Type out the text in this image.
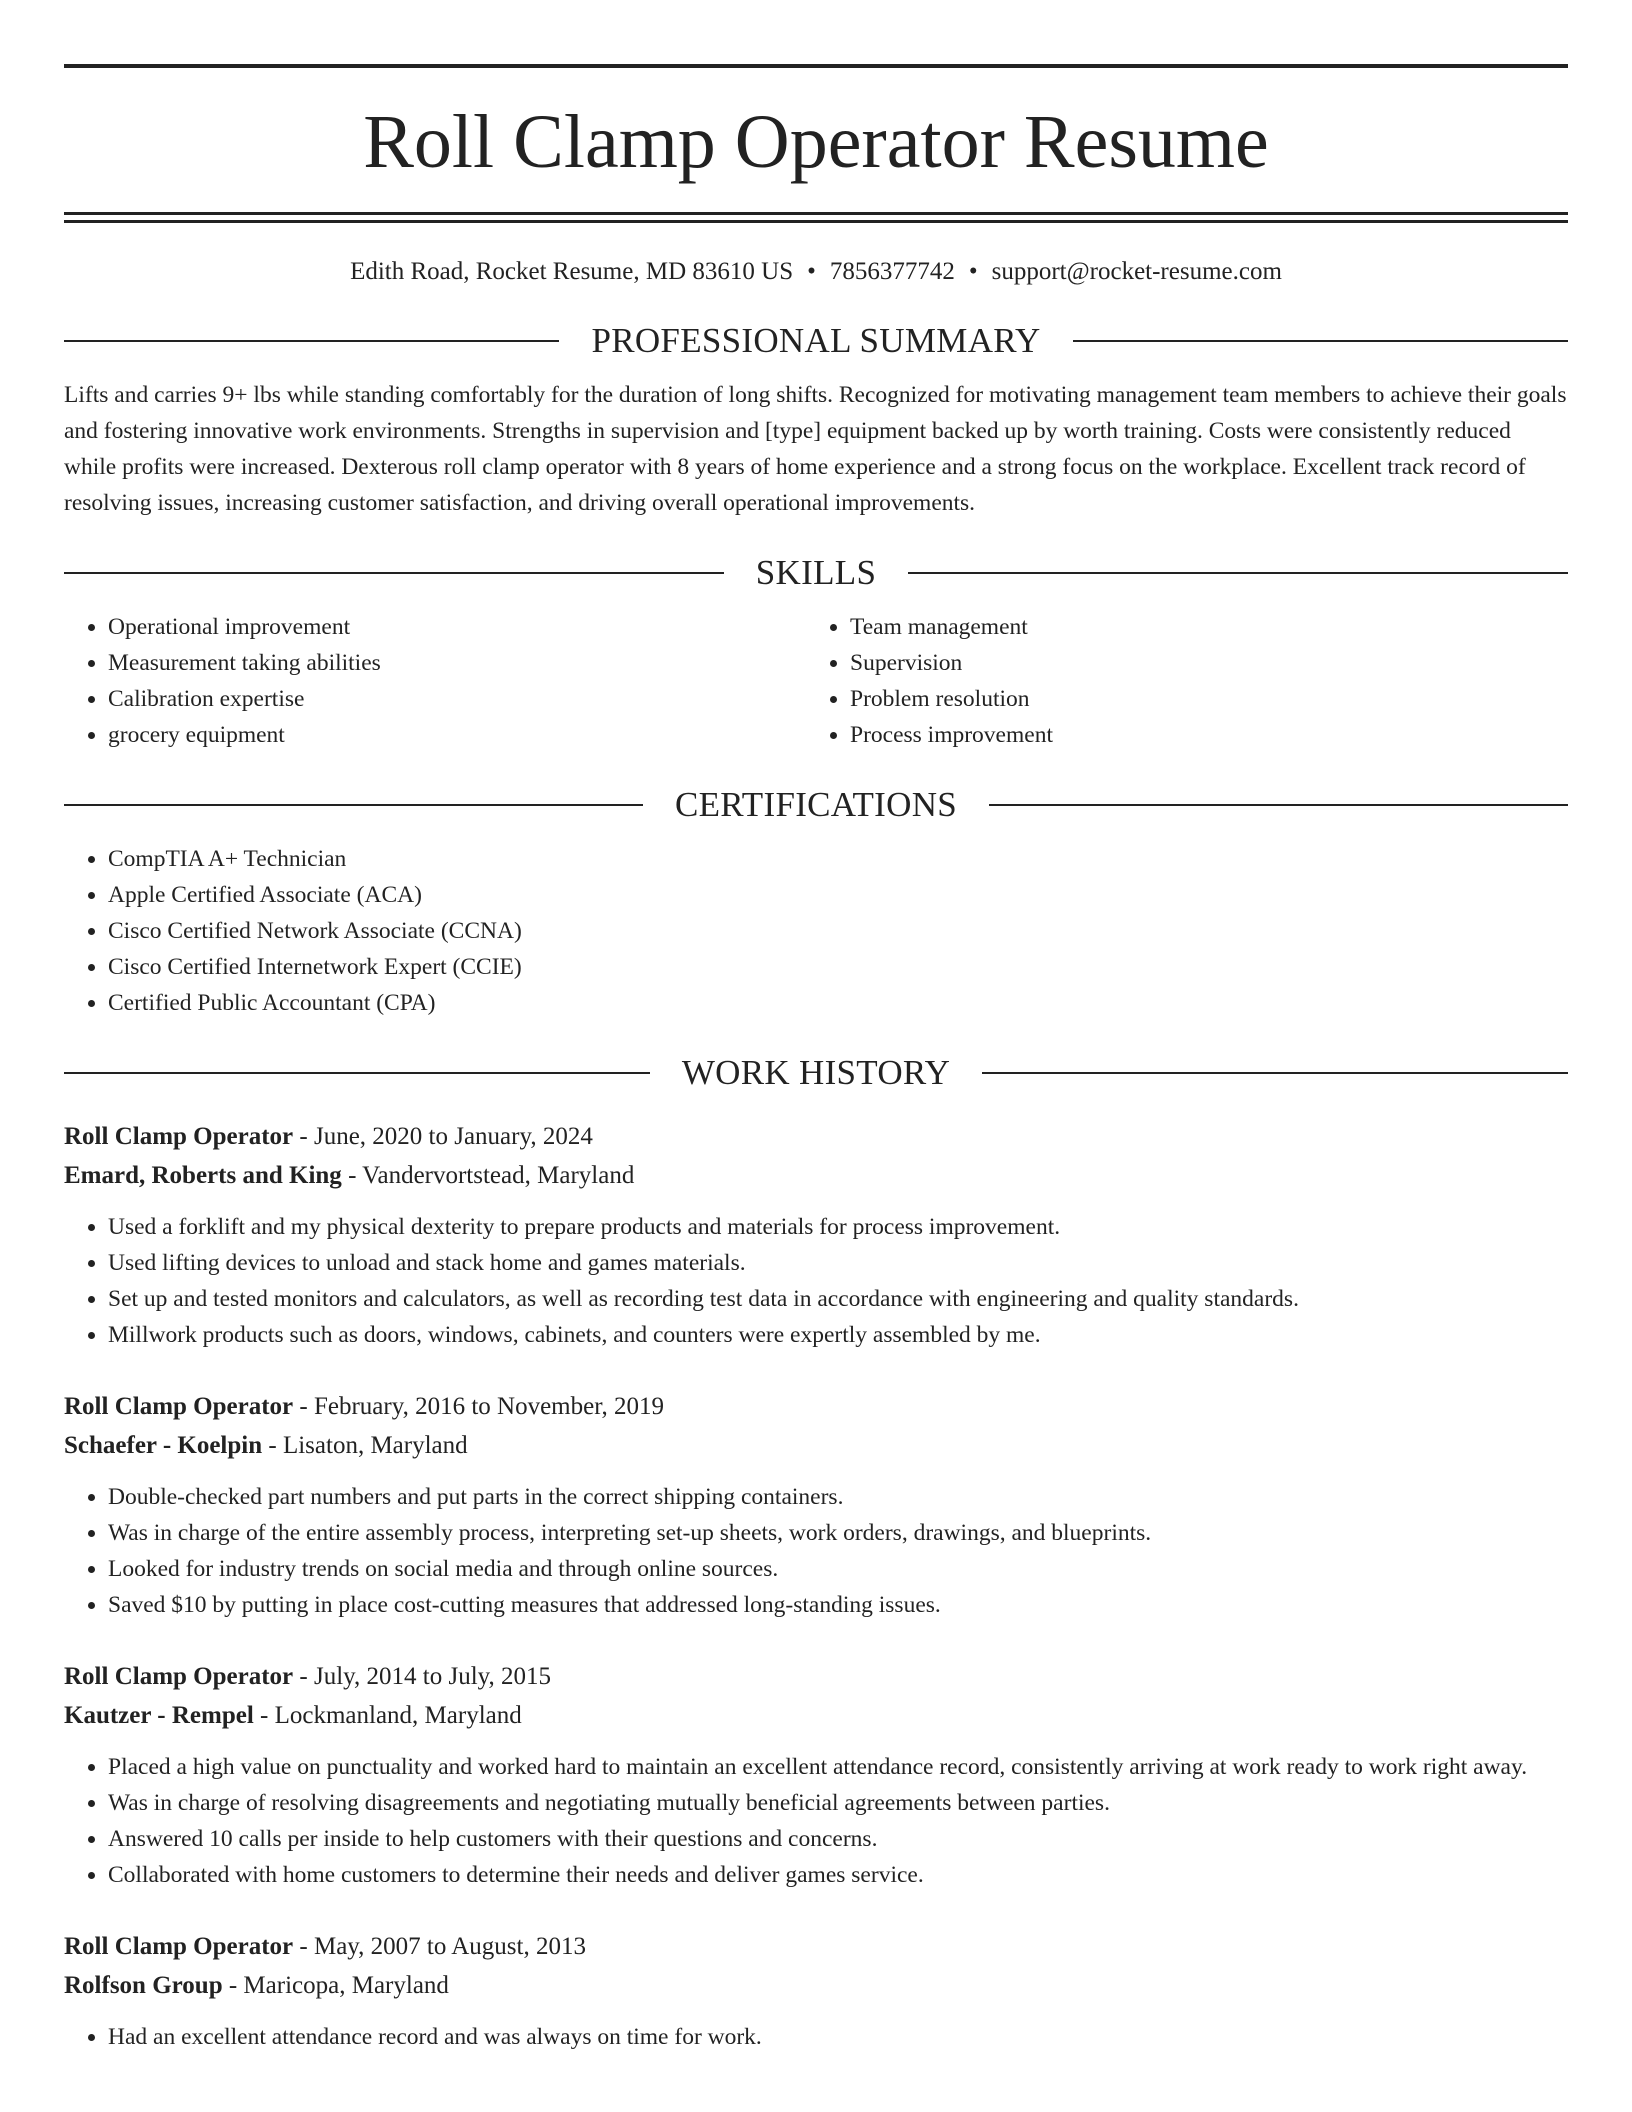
Roll Clamp Operator Resume
Edith Road, Rocket Resume, MD 83610 US • 7856377742 • support@rocket-resume.com
PROFESSIONAL SUMMARY

Lifts and carries 9+ lbs while standing comfortably for the duration of long shifts. Recognized for motivating management team members to achieve their goals and fostering innovative work environments. Strengths in supervision and [type] equipment backed up by worth training. Costs were consistently reduced while profits were increased. Dexterous roll clamp operator with 8 years of home experience and a strong focus on the workplace. Excellent track record of resolving issues, increasing customer satisfaction, and driving overall operational improvements.

SKILLS
• Operational improvement
• Measurement taking abilities
• Calibration expertise
• grocery equipment
• Team management
• Supervision
• Problem resolution
• Process improvement
CERTIFICATIONS
• CompTIA A+ Technician
• Apple Certified Associate (ACA)
• Cisco Certified Network Associate (CCNA)
• Cisco Certified Internetwork Expert (CCIE)
• Certified Public Accountant (CPA)
WORK HISTORY
Roll Clamp Operator - June, 2020 to January, 2024
Emard, Roberts and King - Vandervortstead, Maryland
• Used a forklift and my physical dexterity to prepare products and materials for process improvement.
• Used lifting devices to unload and stack home and games materials.
• Set up and tested monitors and calculators, as well as recording test data in accordance with engineering and quality standards.
• Millwork products such as doors, windows, cabinets, and counters were expertly assembled by me.
Roll Clamp Operator - February, 2016 to November, 2019
Schaefer - Koelpin - Lisaton, Maryland
• Double-checked part numbers and put parts in the correct shipping containers.
• Was in charge of the entire assembly process, interpreting set-up sheets, work orders, drawings, and blueprints.
• Looked for industry trends on social media and through online sources.
• Saved $10 by putting in place cost-cutting measures that addressed long-standing issues.
Roll Clamp Operator - July, 2014 to July, 2015
Kautzer - Rempel - Lockmanland, Maryland
• Placed a high value on punctuality and worked hard to maintain an excellent attendance record, consistently arriving at work ready to work right away.
• Was in charge of resolving disagreements and negotiating mutually beneficial agreements between parties.
• Answered 10 calls per inside to help customers with their questions and concerns.
• Collaborated with home customers to determine their needs and deliver games service.
Roll Clamp Operator - May, 2007 to August, 2013
Rolfson Group - Maricopa, Maryland
• Had an excellent attendance record and was always on time for work.
